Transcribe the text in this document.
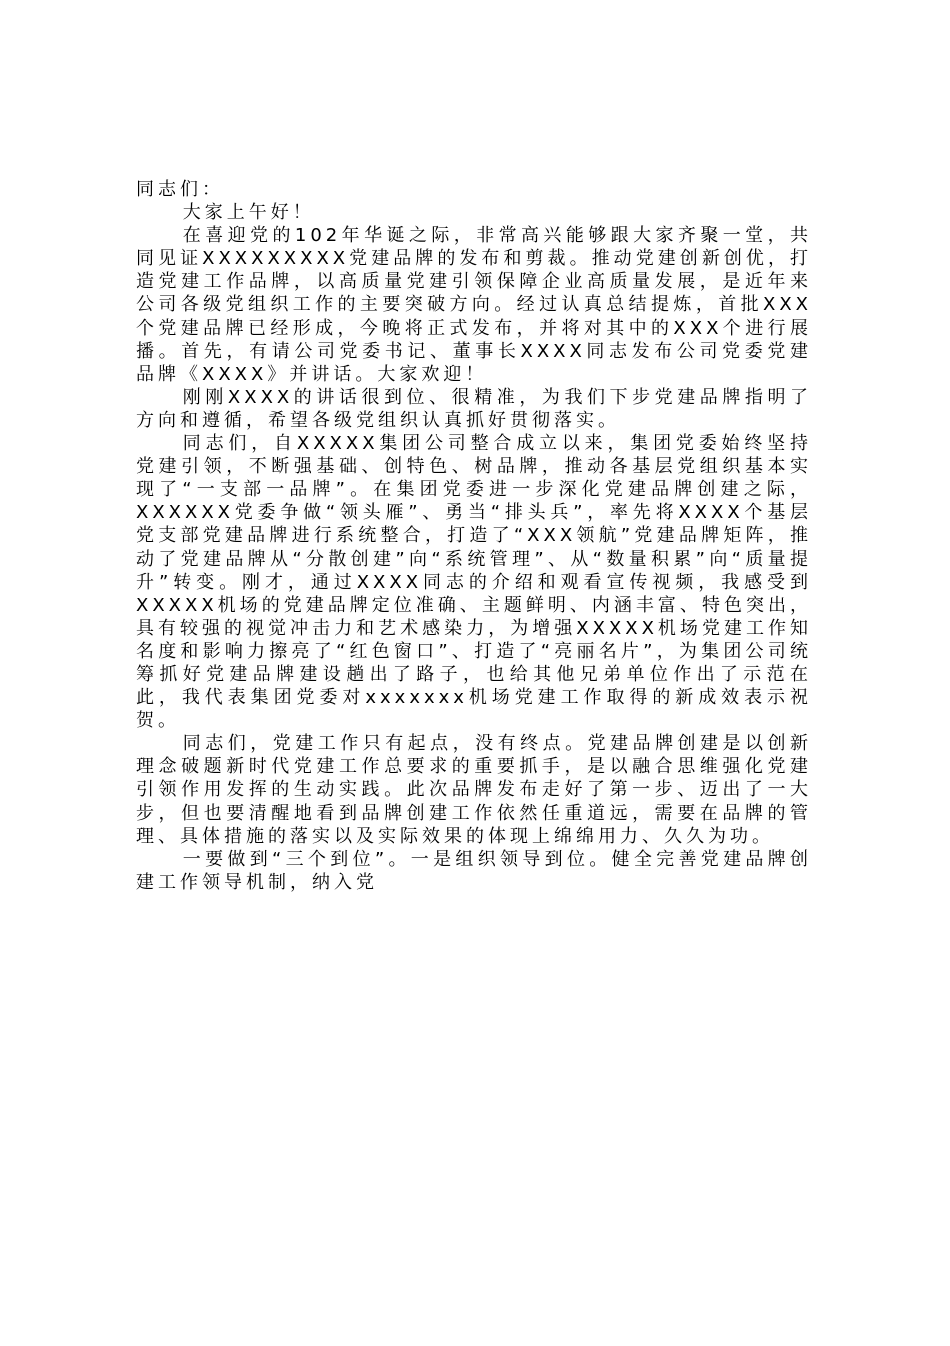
同志们：

大家上午好！

在喜迎党的102年华诞之际，非常高兴能够跟大家齐聚一堂，共同见证XXXXXXXXX党建品牌的发布和剪裁。推动党建创新创优，打造党建工作品牌，以高质量党建引领保障企业高质量发展，是近年来公司各级党组织工作的主要突破方向。经过认真总结提炼，首批XXX个党建品牌已经形成，今晚将正式发布，并将对其中的XXX个进行展播。首先，有请公司党委书记、董事长XXXX同志发布公司党委党建品牌《XXXX》并讲话。大家欢迎！

刚刚XXXX的讲话很到位、很精准，为我们下步党建品牌指明了方向和遵循，希望各级党组织认真抓好贯彻落实。

同志们，自XXXXX集团公司整合成立以来，集团党委始终坚持党建引领，不断强基础、创特色、树品牌，推动各基层党组织基本实现了“一支部一品牌”。在集团党委进一步深化党建品牌创建之际，XXXXXX党委争做“领头雁”、勇当“排头兵”，率先将XXXX个基层党支部党建品牌进行系统整合，打造了“XXX领航”党建品牌矩阵，推动了党建品牌从“分散创建”向“系统管理”、从“数量积累”向“质量提升”转变。刚才，通过XXXX同志的介绍和观看宣传视频，我感受到XXXXX机场的党建品牌定位准确、主题鲜明、内涵丰富、特色突出，具有较强的视觉冲击力和艺术感染力，为增强XXXXX机场党建工作知名度和影响力擦亮了“红色窗口”、打造了“亮丽名片”，为集团公司统筹抓好党建品牌建设趟出了路子，也给其他兄弟单位作出了示范在此，我代表集团党委对xxxxxxx机场党建工作取得的新成效表示祝贺。

同志们，党建工作只有起点，没有终点。党建品牌创建是以创新理念破题新时代党建工作总要求的重要抓手，是以融合思维强化党建引领作用发挥的生动实践。此次品牌发布走好了第一步、迈出了一大步，但也要清醒地看到品牌创建工作依然任重道远，需要在品牌的管理、具体措施的落实以及实际效果的体现上绵绵用力、久久为功。

一要做到“三个到位”。一是组织领导到位。健全完善党建品牌创建工作领导机制，纳入党
